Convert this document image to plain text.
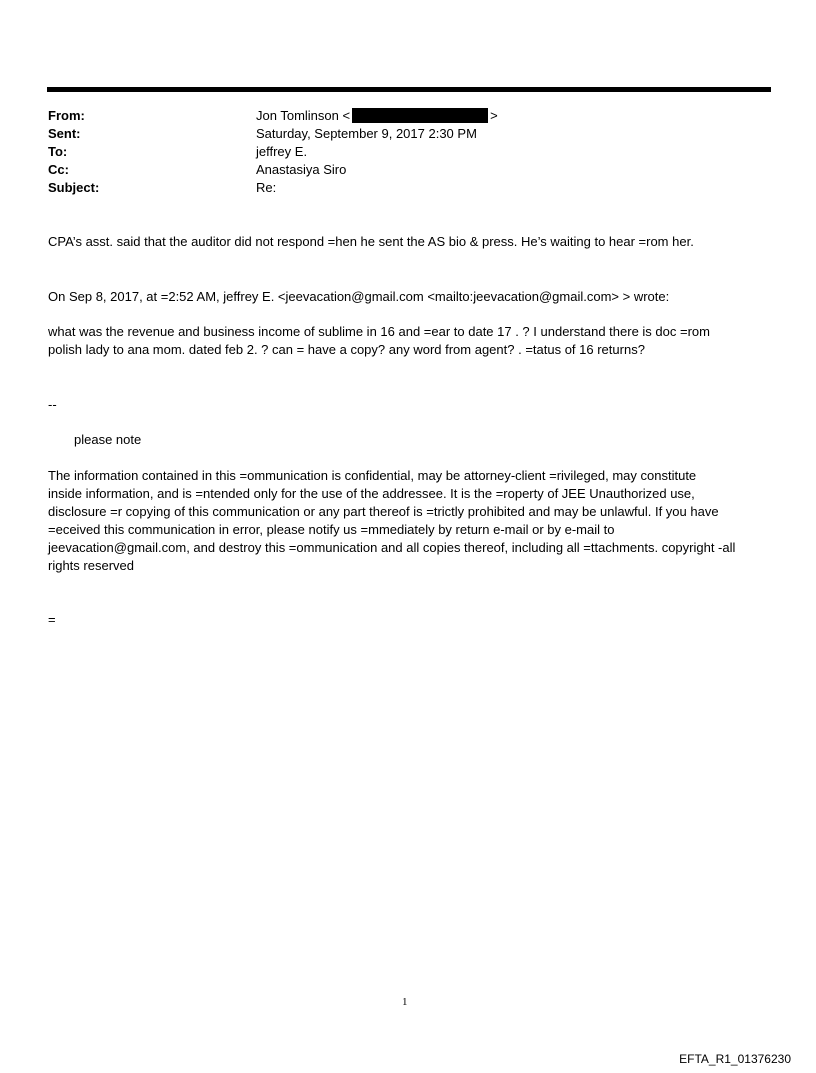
From:	Jon Tomlinson <	>
Sent:	Saturday, September 9, 2017 2:30 PM
To:	jeffrey E.
Cc:	Anastasiya Siro
Subject:	Re:
CPA’s asst. said that the auditor did not respond =hen he sent the AS bio & press. He’s waiting to hear =rom her.
On Sep 8, 2017, at =2:52 AM, jeffrey E. <jeevacation@gmail.com <mailto:jeevacation@gmail.com> > wrote:
what was the revenue and business income of sublime in 16 and =ear to date 17 . ? I understand there is doc =rom
polish lady to ana mom. dated feb 2. ? can = have a copy? any word from agent? . =tatus of 16 returns?
--
please note
The information contained in this =ommunication is confidential, may be attorney-client =rivileged, may constitute
inside information, and is =ntended only for the use of the addressee. It is the =roperty of JEE Unauthorized use,
disclosure =r copying of this communication or any part thereof is =trictly prohibited and may be unlawful. If you have
=eceived this communication in error, please notify us =mmediately by return e-mail or by e-mail to
jeevacation@gmail.com, and destroy this =ommunication and all copies thereof, including all =ttachments. copyright -all
rights reserved
=
1
EFTA_R1_01376230
